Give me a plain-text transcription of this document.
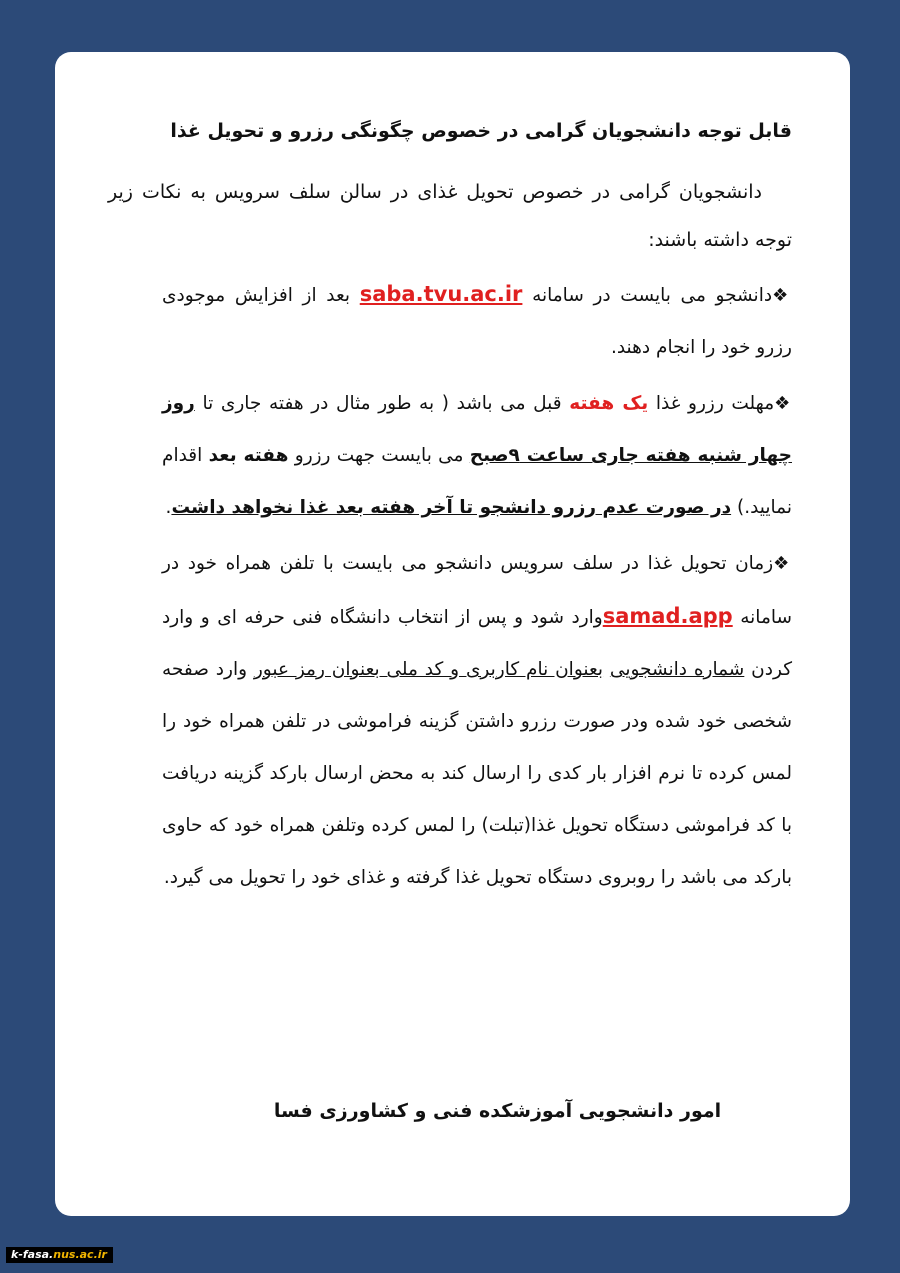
قابل توجه دانشجویان گرامی در خصوص چگونگی رزرو و تحویل غذا

دانشجویان گرامی در خصوص تحویل غذای در سالن سلف سرویس به نکات زیر توجه داشته باشند:

❖دانشجو می بایست در سامانه saba.tvu.ac.ir بعد از افزایش موجودی رزرو خود را انجام دهند.
❖مهلت رزرو غذا یک هفته قبل می باشد ( به طور مثال در هفته جاری تا روز چهار شنبه هفته جاری ساعت ۹صبح می بایست جهت رزرو هفته بعد اقدام نمایید.) در صورت عدم رزرو دانشجو تا آخر هفته بعد غذا نخواهد داشت.
❖زمان تحویل غذا در سلف سرویس دانشجو می بایست با تلفن همراه خود در سامانه samad.appوارد شود و پس از انتخاب دانشگاه فنی حرفه ای و وارد کردن شماره دانشجویی بعنوان نام کاربری و کد ملی بعنوان رمز عبور وارد صفحه شخصی خود شده ودر صورت رزرو داشتن گزینه فراموشی در تلفن همراه خود را لمس کرده تا نرم افزار بار کدی را ارسال کند به محض ارسال بارکد گزینه دریافت با کد فراموشی دستگاه تحویل غذا(تبلت) را لمس کرده وتلفن همراه خود که حاوی بارکد می باشد را روبروی دستگاه تحویل غذا گرفته و غذای خود را تحویل می گیرد.
امور دانشجویی آموزشکده فنی و کشاورزی فسا
k-fasa.nus.ac.ir
